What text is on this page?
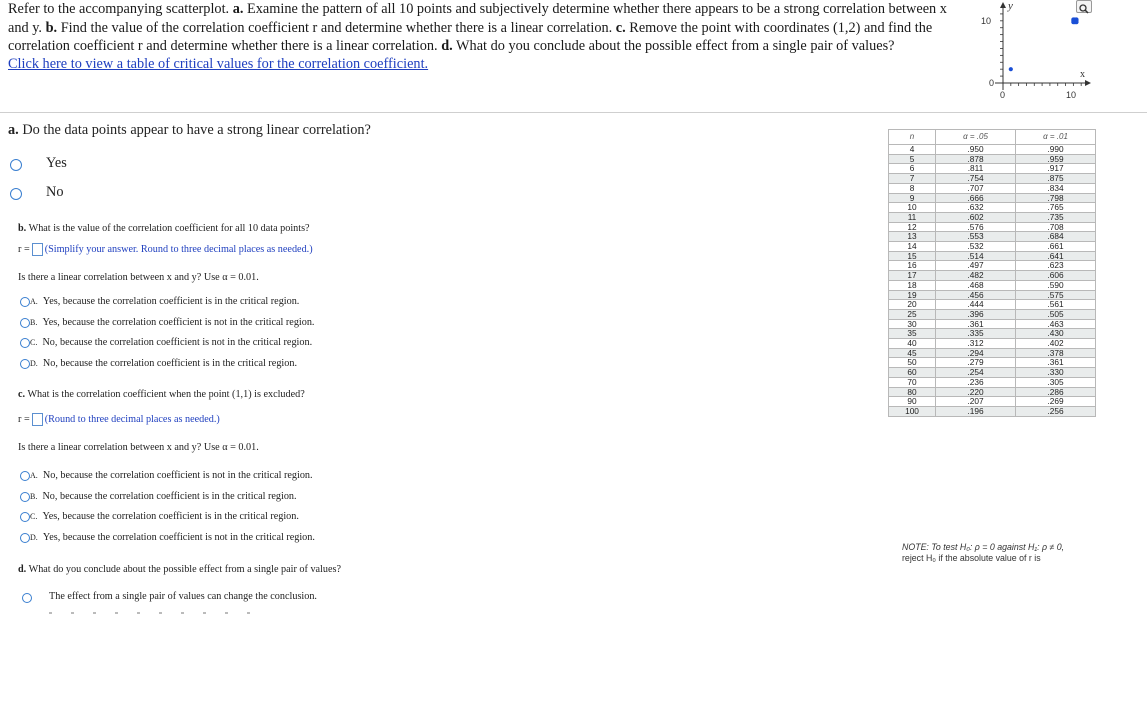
Refer to the accompanying scatterplot. a. Examine the pattern of all 10 points and subjectively determine whether there appears to be a strong correlation between x and y. b. Find the value of the correlation coefficient r and determine whether there is a linear correlation. c. Remove the point with coordinates (1,2) and find the correlation coefficient r and determine whether there is a linear correlation. d. What do you conclude about the possible effect from a single pair of values?
Click here to view a table of critical values for the correlation coefficient.
y
x
10
0
0	10
a. Do the data points appear to have a strong linear correlation?
Yes
No
b. What is the value of the correlation coefficient for all 10 data points?
r = (Simplify your answer. Round to three decimal places as needed.)
Is there a linear correlation between x and y? Use α = 0.01.
A. Yes, because the correlation coefficient is in the critical region.
B. Yes, because the correlation coefficient is not in the critical region.
C. No, because the correlation coefficient is not in the critical region.
D. No, because the correlation coefficient is in the critical region.
c. What is the correlation coefficient when the point (1,1) is excluded?
r = (Round to three decimal places as needed.)
Is there a linear correlation between x and y? Use α = 0.01.
A. No, because the correlation coefficient is not in the critical region.
B. No, because the correlation coefficient is in the critical region.
C. Yes, because the correlation coefficient is in the critical region.
D. Yes, because the correlation coefficient is not in the critical region.
d. What do you conclude about the possible effect from a single pair of values?
The effect from a single pair of values can change the conclusion.
n	α = .05	α = .01
4	.950	.990
5	.878	.959
6	.811	.917
7	.754	.875
8	.707	.834
9	.666	.798
10	.632	.765
11	.602	.735
12	.576	.708
13	.553	.684
14	.532	.661
15	.514	.641
16	.497	.623
17	.482	.606
18	.468	.590
19	.456	.575
20	.444	.561
25	.396	.505
30	.361	.463
35	.335	.430
40	.312	.402
45	.294	.378
50	.279	.361
60	.254	.330
70	.236	.305
80	.220	.286
90	.207	.269
100	.196	.256
NOTE: To test H₀: ρ = 0 against H₁: ρ ≠ 0,
reject H₀ if the absolute value of r is
